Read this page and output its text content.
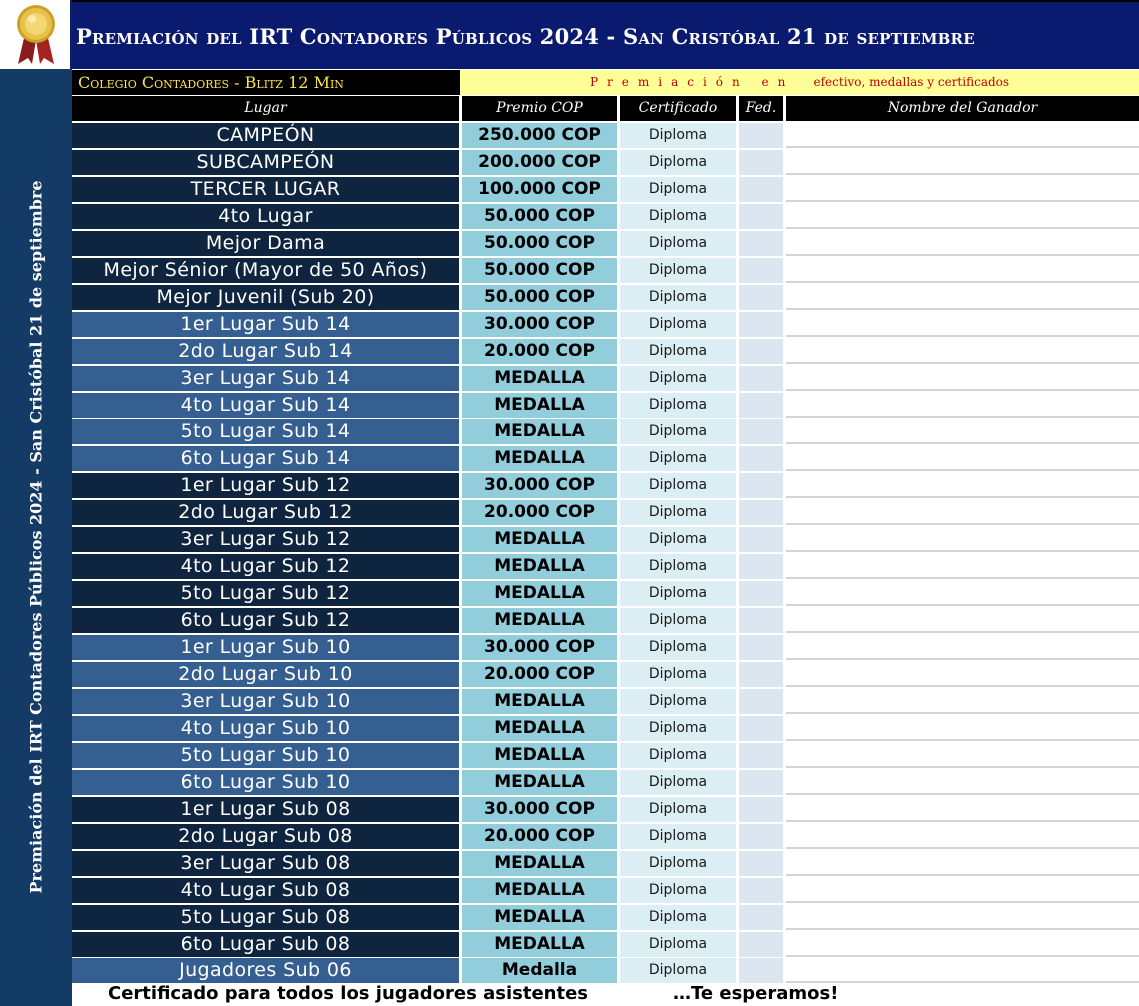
Premiación del IRT Contadores Públicos 2024 - San Cristóbal 21 de septiembre
Premiación del IRT Contadores Públicos 2024 - San Cristóbal 21 de septiembre
Colegio Contadores - Blitz 12 Min	Premiación en efectivo, medallas y certificados
Lugar	Premio COP	Certificado	Fed.	Nombre del Ganador
CAMPEÓN	250.000 COP	Diploma
SUBCAMPEÓN	200.000 COP	Diploma
TERCER LUGAR	100.000 COP	Diploma
4to Lugar	50.000 COP	Diploma
Mejor Dama	50.000 COP	Diploma
Mejor Sénior (Mayor de 50 Años)	50.000 COP	Diploma
Mejor Juvenil (Sub 20)	50.000 COP	Diploma
1er Lugar Sub 14	30.000 COP	Diploma
2do Lugar Sub 14	20.000 COP	Diploma
3er Lugar Sub 14	MEDALLA	Diploma
4to Lugar Sub 14	MEDALLA	Diploma
5to Lugar Sub 14	MEDALLA	Diploma
6to Lugar Sub 14	MEDALLA	Diploma
1er Lugar Sub 12	30.000 COP	Diploma
2do Lugar Sub 12	20.000 COP	Diploma
3er Lugar Sub 12	MEDALLA	Diploma
4to Lugar Sub 12	MEDALLA	Diploma
5to Lugar Sub 12	MEDALLA	Diploma
6to Lugar Sub 12	MEDALLA	Diploma
1er Lugar Sub 10	30.000 COP	Diploma
2do Lugar Sub 10	20.000 COP	Diploma
3er Lugar Sub 10	MEDALLA	Diploma
4to Lugar Sub 10	MEDALLA	Diploma
5to Lugar Sub 10	MEDALLA	Diploma
6to Lugar Sub 10	MEDALLA	Diploma
1er Lugar Sub 08	30.000 COP	Diploma
2do Lugar Sub 08	20.000 COP	Diploma
3er Lugar Sub 08	MEDALLA	Diploma
4to Lugar Sub 08	MEDALLA	Diploma
5to Lugar Sub 08	MEDALLA	Diploma
6to Lugar Sub 08	MEDALLA	Diploma
Jugadores Sub 06	Medalla	Diploma
Certificado para todos los jugadores asistentes	…Te esperamos!
